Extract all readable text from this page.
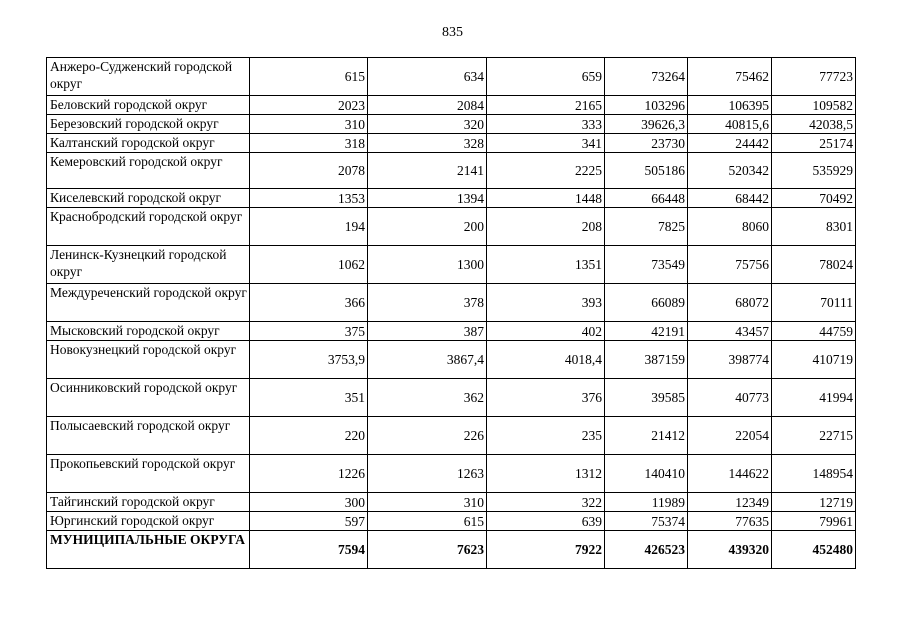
835
Анжеро-Судженский городской округ	615	634	659	73264	75462	77723
Беловский городской округ	2023	2084	2165	103296	106395	109582
Березовский городской округ	310	320	333	39626,3	40815,6	42038,5
Калтанский городской округ	318	328	341	23730	24442	25174
Кемеровский городской округ	2078	2141	2225	505186	520342	535929
Киселевский городской округ	1353	1394	1448	66448	68442	70492
Краснобродский городской округ	194	200	208	7825	8060	8301
Ленинск-Кузнецкий городской округ	1062	1300	1351	73549	75756	78024
Междуреченский городской округ	366	378	393	66089	68072	70111
Мысковский городской округ	375	387	402	42191	43457	44759
Новокузнецкий городской округ	3753,9	3867,4	4018,4	387159	398774	410719
Осинниковский городской округ	351	362	376	39585	40773	41994
Полысаевский городской округ	220	226	235	21412	22054	22715
Прокопьевский городской округ	1226	1263	1312	140410	144622	148954
Тайгинский городской округ	300	310	322	11989	12349	12719
Юргинский городской округ	597	615	639	75374	77635	79961
МУНИЦИПАЛЬНЫЕ ОКРУГА	7594	7623	7922	426523	439320	452480
